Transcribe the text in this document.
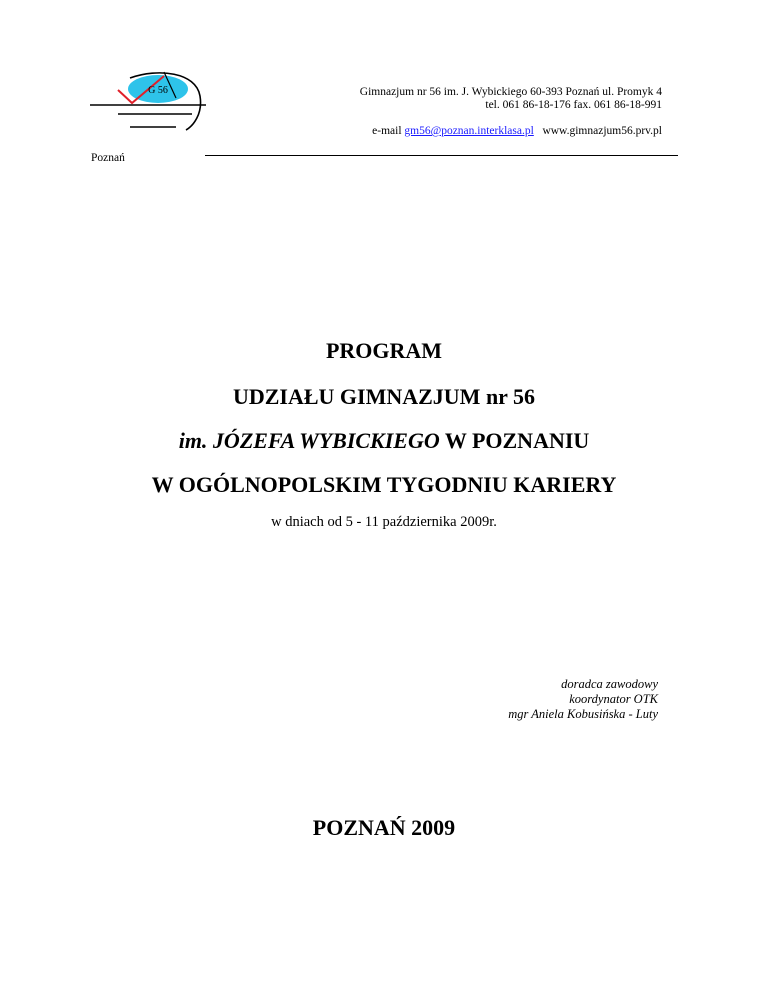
G 56	Gimnazjum nr 56 im. J. Wybickiego 60-393 Poznań ul. Promyk 4
tel. 061 86-18-176 fax. 061 86-18-991
e-mail gm56@poznan.interklasa.pl www.gimnazjum56.prv.pl
Poznań
PROGRAM
UDZIAŁU GIMNAZJUM nr 56
im. JÓZEFA WYBICKIEGO W POZNANIU
W OGÓLNOPOLSKIM TYGODNIU KARIERY
w dniach od 5 - 11 października 2009r.
doradca zawodowy
koordynator OTK
mgr Aniela Kobusińska - Luty
POZNAŃ 2009
